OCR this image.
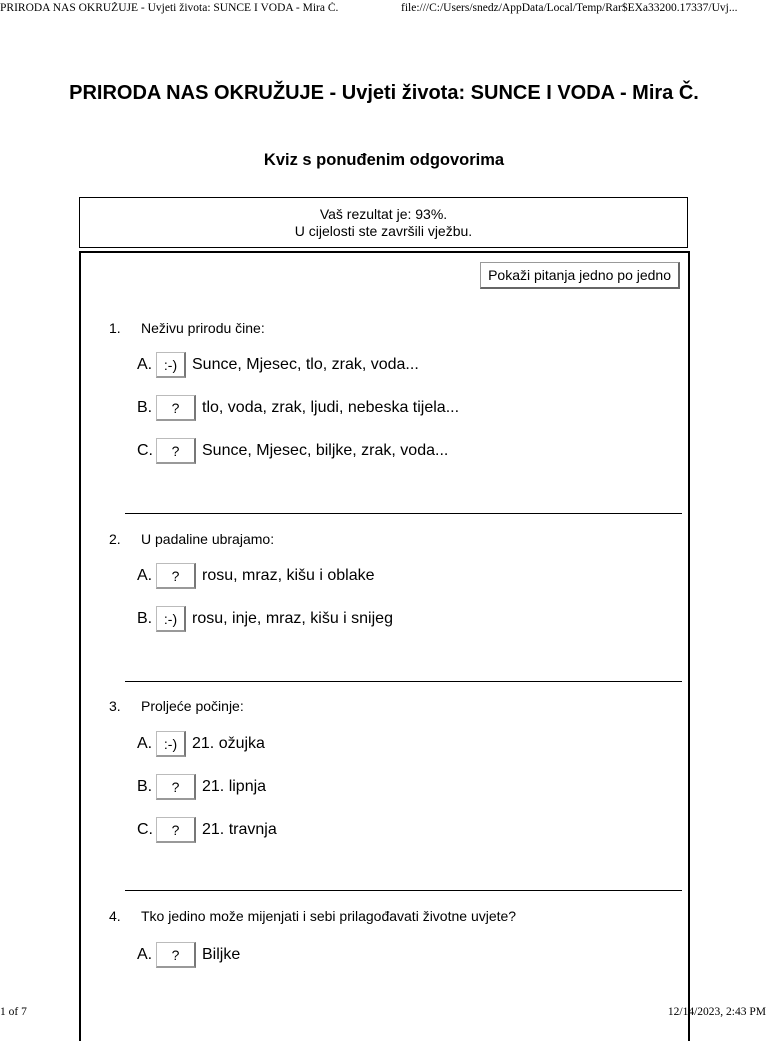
PRIRODA NAS OKRUŽUJE - Uvjeti života: SUNCE I VODA - Mira Č.	file:///C:/Users/snedz/AppData/Local/Temp/Rar$EXa33200.17337/Uvj...
PRIRODA NAS OKRUŽUJE - Uvjeti života: SUNCE I VODA - Mira Č.
Kviz s ponuđenim odgovorima
Vaš rezultat je: 93%.
U cijelosti ste završili vježbu.
Pokaži pitanja jedno po jedno
1. Neživu prirodu čine:
A. :-) Sunce, Mjesec, tlo, zrak, voda...
B. ? tlo, voda, zrak, ljudi, nebeska tijela...
C. ? Sunce, Mjesec, biljke, zrak, voda...
2. U padaline ubrajamo:
A. ? rosu, mraz, kišu i oblake
B. :-) rosu, inje, mraz, kišu i snijeg
3. Proljeće počinje:
A. :-) 21. ožujka
B. ? 21. lipnja
C. ? 21. travnja
4. Tko jedino može mijenjati i sebi prilagođavati životne uvjete?
A. ? Biljke
1 of 7	12/14/2023, 2:43 PM
